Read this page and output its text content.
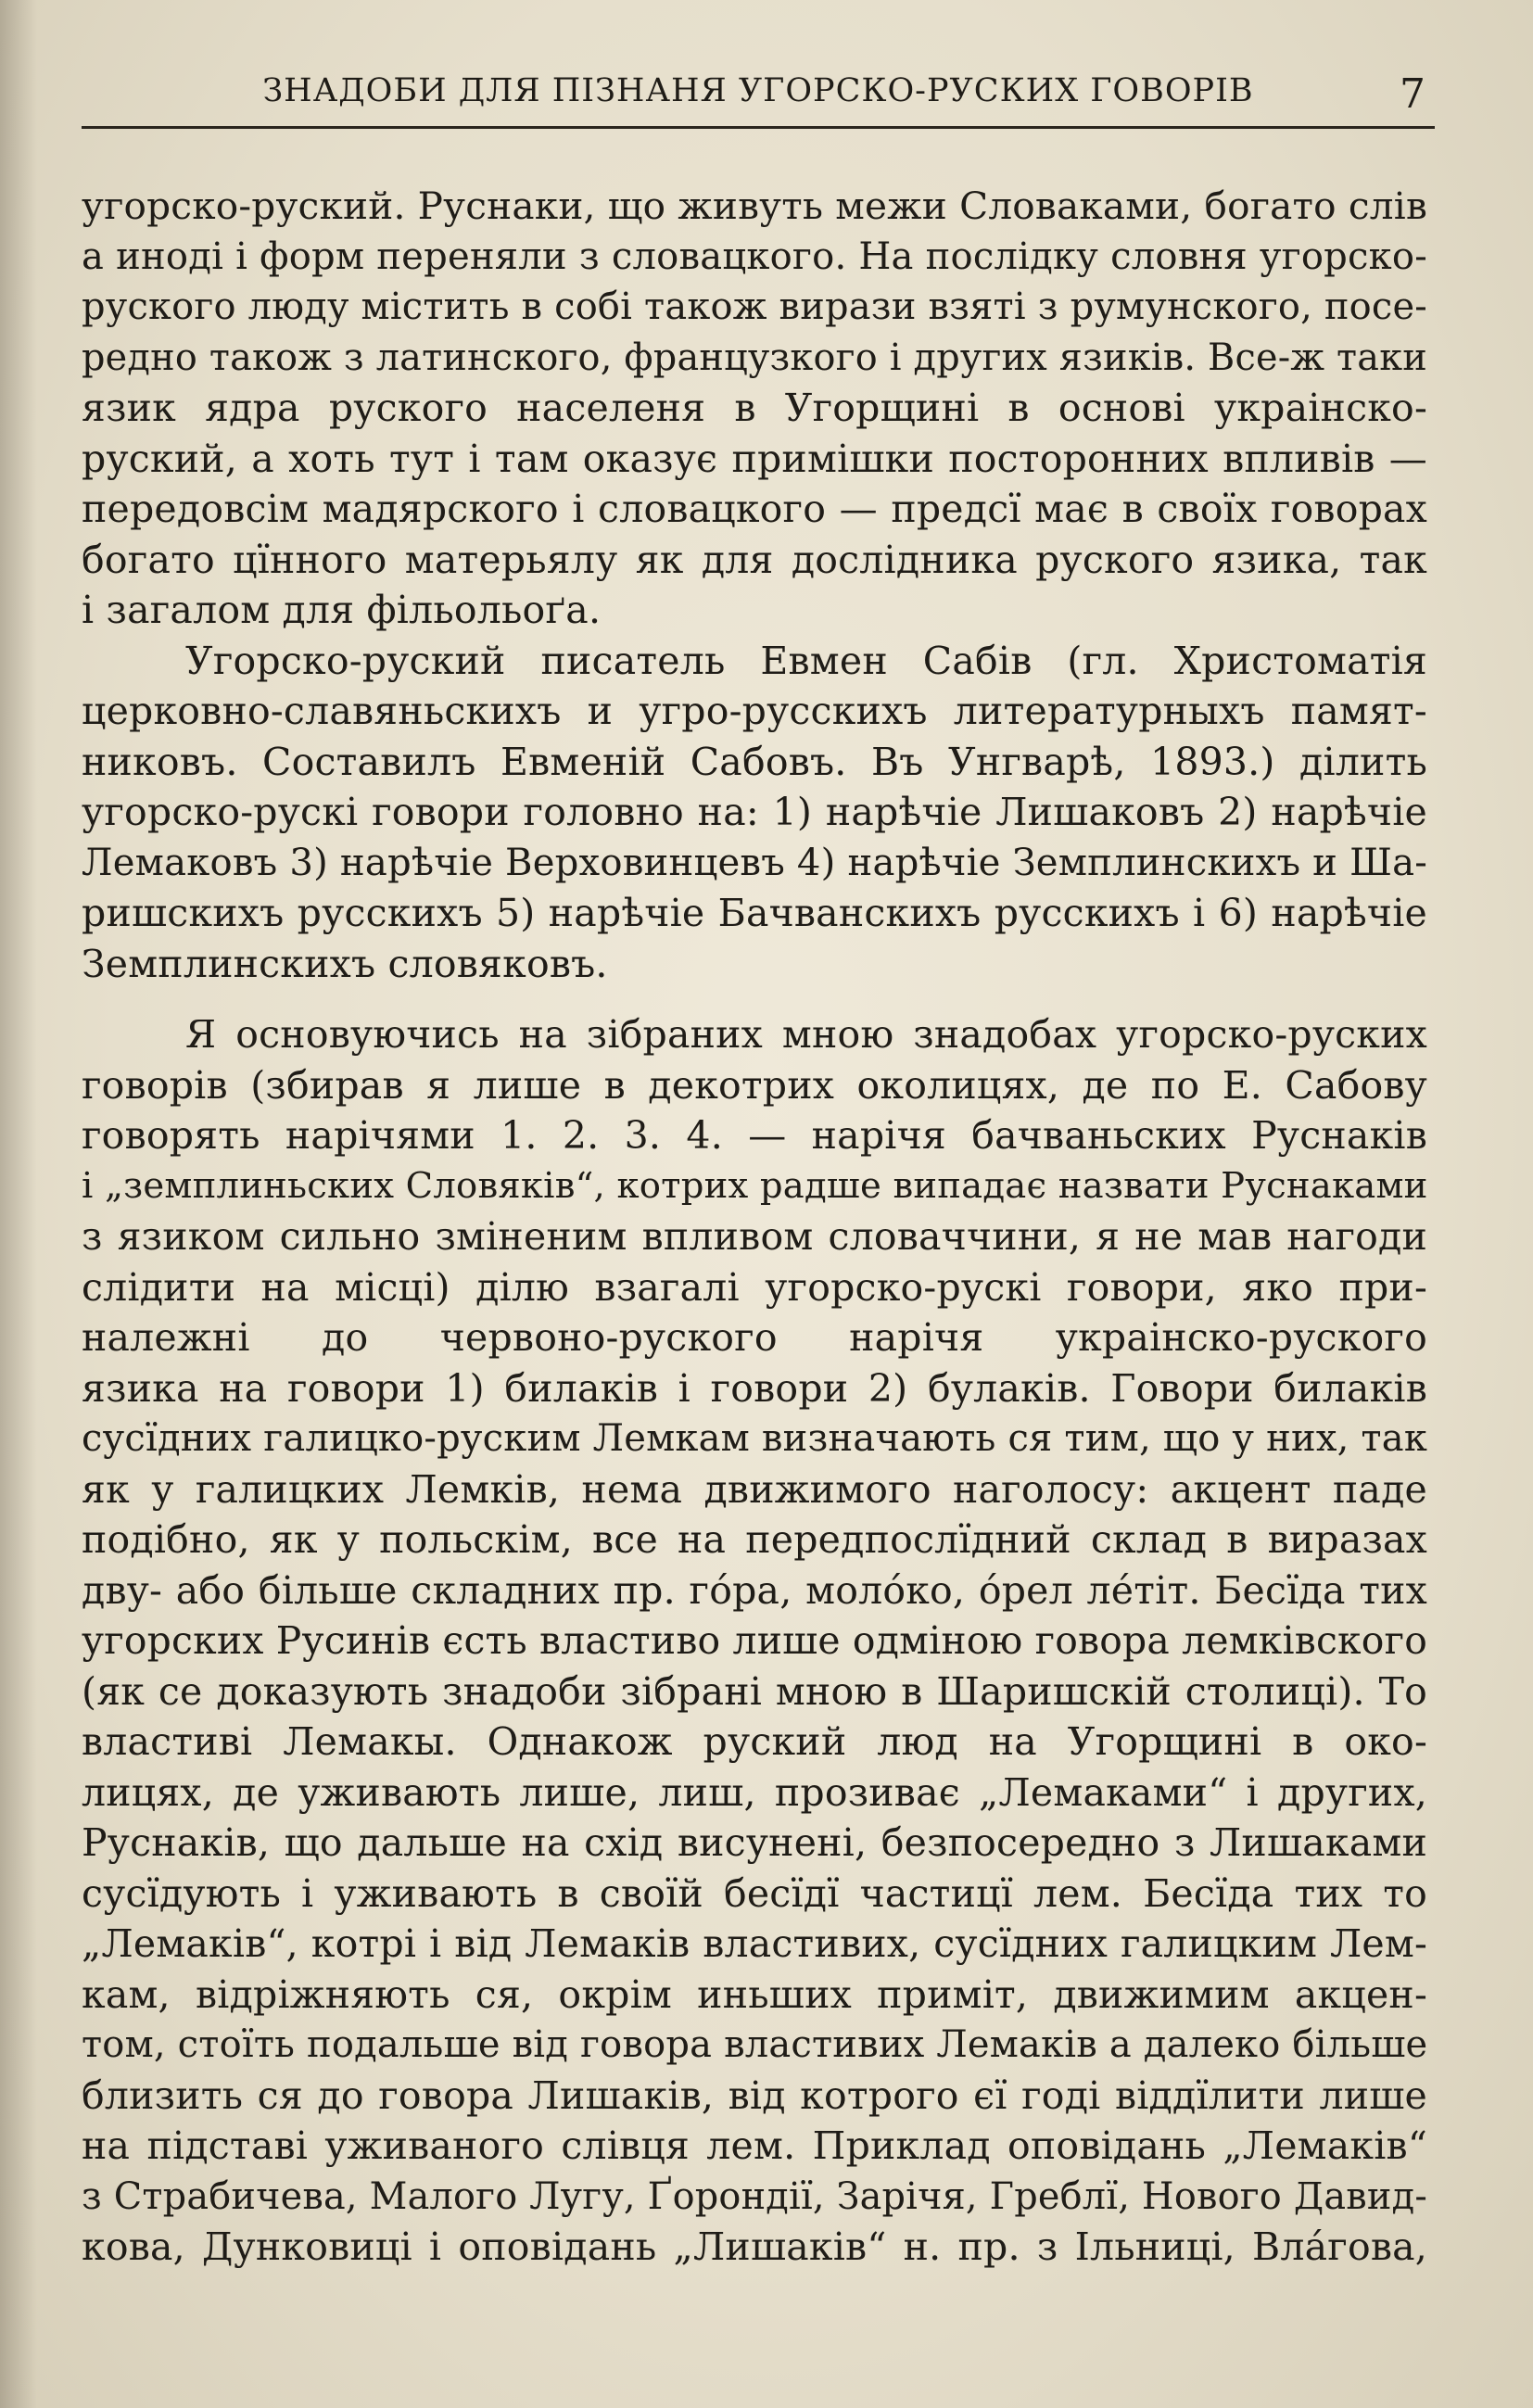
ЗНАДОБИ ДЛЯ ПІЗНАНЯ УГОРСКО-РУСКИХ ГОВОРІВ	7
угорско-руский. Руснаки, що живуть межи Словаками, богато слів
а иноді і форм переняли з словацкого. На послідку словня угорско-
руского люду містить в собі також вирази взяті з румунского, посе-
редно також з латинского, французкого і других язиків. Все-ж таки
язик ядра руского населеня в Угорщині в основі украінско-
руский, а хоть тут і там оказує примішки посторонних впливів —
передовсім мадярского і словацкого — предсї має в своїх говорах
богато цїнного матерьялу як для дослідника руского язика, так
і загалом для фільольоґа.
Угорско-руский писатель Евмен Сабів (гл. Христоматія
церковно-славяньскихъ и угро-русскихъ литературныхъ памят-
никовъ. Составилъ Евменій Сабовъ. Въ Унгварѣ, 1893.) ділить
угорско-рускі говори головно на: 1) нарѣчіе Лишаковъ 2) нарѣчіе
Лемаковъ 3) нарѣчіе Верховинцевъ 4) нарѣчіе Земплинскихъ и Ша-
ришскихъ русскихъ 5) нарѣчіе Бачванскихъ русскихъ і 6) нарѣчіе
Земплинскихъ словяковъ.
Я основуючись на зібраних мною знадобах угорско-руских
говорів (збирав я лише в декотрих околицях, де по Е. Сабову
говорять нарічями 1. 2. 3. 4. — нарічя бачваньских Руснаків
і „земплиньских Словяків“, котрих радше випадає назвати Руснаками
з язиком сильно зміненим впливом словаччини, я не мав нагоди
слідити на місці) ділю взагалі угорско-рускі говори, яко при-
належні до червоно-руского нарічя украінско-руского
язика на говори 1) билаків і говори 2) булаків. Говори билаків
сусїдних галицко-руским Лемкам визначають ся тим, що у них, так
як у галицких Лемків, нема движимого наголосу: акцент паде
подібно, як у польскім, все на передпослїдний склад в виразах
дву- або більше складних пр. го́ра, моло́ко, о́рел ле́тіт. Бесїда тих
угорских Русинів єсть властиво лише одміною говора лемківского
(як се доказують знадоби зібрані мною в Шаришскій столиці). То
властиві Лемакы. Однакож руский люд на Угорщині в око-
лицях, де уживають лише, лиш, прозиває „Лемаками“ і других,
Руснаків, що дальше на схід висунені, безпосередно з Лишаками
сусїдують і уживають в своїй бесїдї частицї лем. Бесїда тих то
„Лемаків“, котрі і від Лемаків властивих, сусїдних галицким Лем-
кам, відріжняють ся, окрім иньших приміт, движимим акцен-
том, стоїть подальше від говора властивих Лемаків а далеко більше
близить ся до говора Лишаків, від котрого єї годі віддїлити лише
на підставі уживаного слівця лем. Приклад оповідань „Лемаків“
з Страбичева, Малого Лугу, Ґорондії, Зарічя, Греблї, Нового Давид-
кова, Дунковиці і оповідань „Лишаків“ н. пр. з Ільниці, Вла́гова,
